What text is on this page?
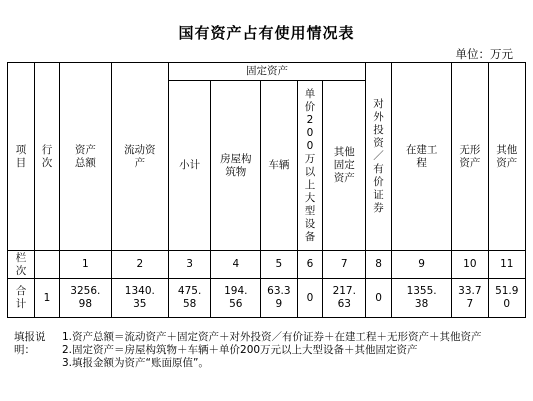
国有资产占有使用情况表
单位：万元
项目	行次	资产总额	流动资产	固定资产					对外投资／有价证券	在建工程	无形资产	其他资产
				小计	房屋构筑物	车辆	单价200万以上大型设备	其他固定资产				
栏次		1	2	3	4	5	6	7	8	9	10	11
合计	1	3256.98	1340.35	475.58	194.56	63.39	0	217.63	0	1355.38	33.77	51.90
填报说明：

1.资产总额＝流动资产＋固定资产＋对外投资／有价证券＋在建工程＋无形资产＋其他资产

2.固定资产＝房屋构筑物＋车辆＋单价200万元以上大型设备＋其他固定资产

3.填报金额为资产“账面原值”。
